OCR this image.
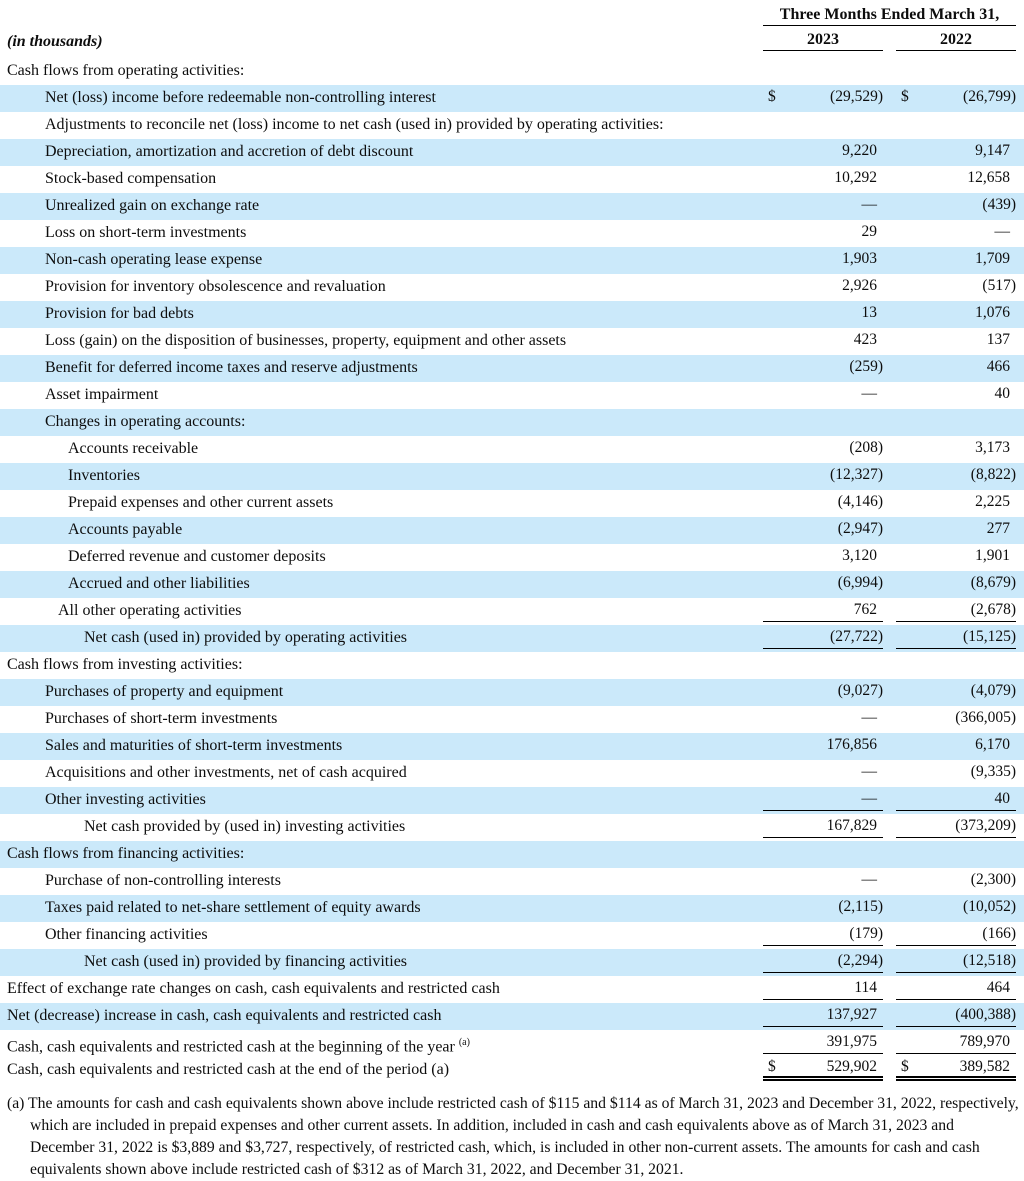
Three Months Ended March 31,
(in thousands)	2023	2022
Cash flows from operating activities:
Net (loss) income before redeemable non-controlling interest	$	(29,529)	$	(26,799)
Adjustments to reconcile net (loss) income to net cash (used in) provided by operating activities:
Depreciation, amortization and accretion of debt discount	9,220	9,147
Stock-based compensation	10,292	12,658
Unrealized gain on exchange rate	—	(439)
Loss on short-term investments	29	—
Non-cash operating lease expense	1,903	1,709
Provision for inventory obsolescence and revaluation	2,926	(517)
Provision for bad debts	13	1,076
Loss (gain) on the disposition of businesses, property, equipment and other assets	423	137
Benefit for deferred income taxes and reserve adjustments	(259)	466
Asset impairment	—	40
Changes in operating accounts:
Accounts receivable	(208)	3,173
Inventories	(12,327)	(8,822)
Prepaid expenses and other current assets	(4,146)	2,225
Accounts payable	(2,947)	277
Deferred revenue and customer deposits	3,120	1,901
Accrued and other liabilities	(6,994)	(8,679)
All other operating activities	762	(2,678)
Net cash (used in) provided by operating activities	(27,722)	(15,125)
Cash flows from investing activities:
Purchases of property and equipment	(9,027)	(4,079)
Purchases of short-term investments	—	(366,005)
Sales and maturities of short-term investments	176,856	6,170
Acquisitions and other investments, net of cash acquired	—	(9,335)
Other investing activities	—	40
Net cash provided by (used in) investing activities	167,829	(373,209)
Cash flows from financing activities:
Purchase of non-controlling interests	—	(2,300)
Taxes paid related to net-share settlement of equity awards	(2,115)	(10,052)
Other financing activities	(179)	(166)
Net cash (used in) provided by financing activities	(2,294)	(12,518)
Effect of exchange rate changes on cash, cash equivalents and restricted cash	114	464
Net (decrease) increase in cash, cash equivalents and restricted cash	137,927	(400,388)
Cash, cash equivalents and restricted cash at the beginning of the year $^{(a)}$	391,975	789,970
Cash, cash equivalents and restricted cash at the end of the period (a)	$	529,902	$	389,582
(a) The amounts for cash and cash equivalents shown above include restricted cash of $115 and $114 as of March 31, 2023 and December 31, 2022, respectively, which are included in prepaid expenses and other current assets. In addition, included in cash and cash equivalents above as of March 31, 2023 and December 31, 2022 is $3,889 and $3,727, respectively, of restricted cash, which, is included in other non-current assets. The amounts for cash and cash equivalents shown above include restricted cash of $312 as of March 31, 2022, and December 31, 2021.
